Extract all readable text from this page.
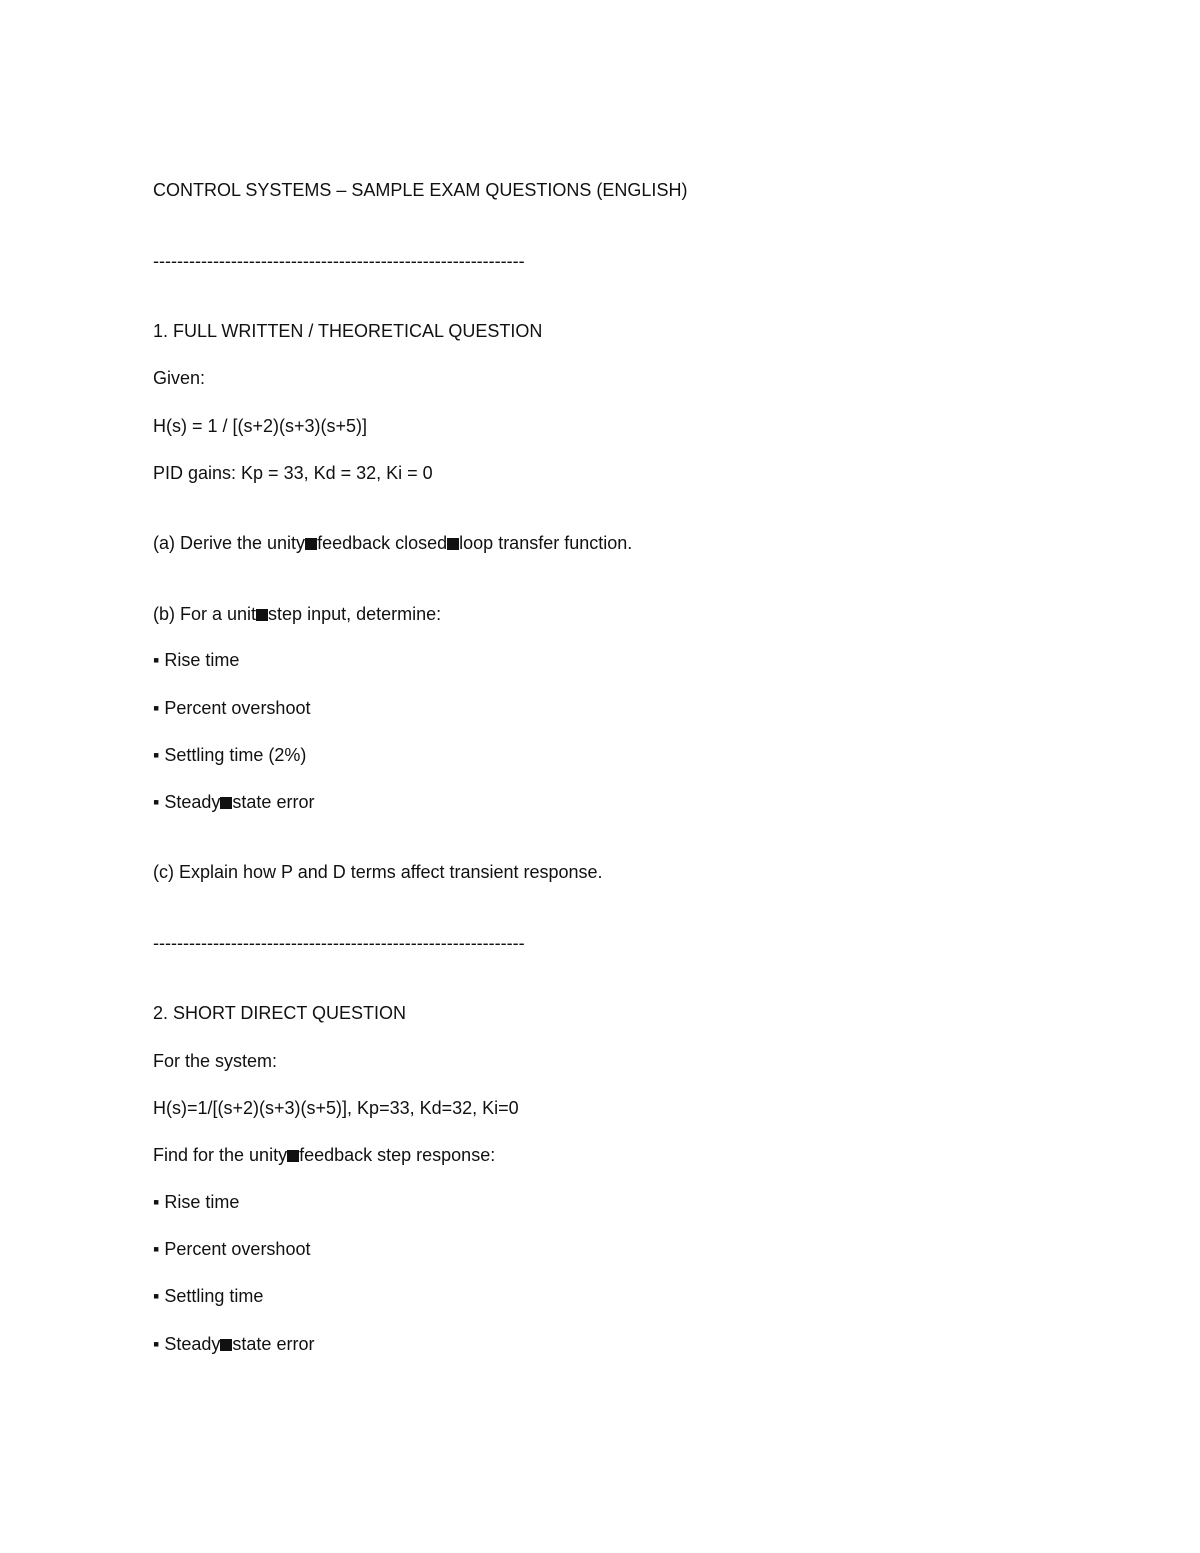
CONTROL SYSTEMS – SAMPLE EXAM QUESTIONS (ENGLISH)

--------------------------------------------------------------

1. FULL WRITTEN / THEORETICAL QUESTION

Given:

H(s) = 1 / [(s+2)(s+3)(s+5)]

PID gains: Kp = 33, Kd = 32, Ki = 0

(a) Derive the unity feedback closed loop transfer function.

(b) For a unit step input, determine:

▪ Rise time

▪ Percent overshoot

▪ Settling time (2%)

▪ Steady state error

(c) Explain how P and D terms affect transient response.

--------------------------------------------------------------

2. SHORT DIRECT QUESTION

For the system:

H(s)=1/[(s+2)(s+3)(s+5)], Kp=33, Kd=32, Ki=0

Find for the unity feedback step response:

▪ Rise time

▪ Percent overshoot

▪ Settling time

▪ Steady state error
